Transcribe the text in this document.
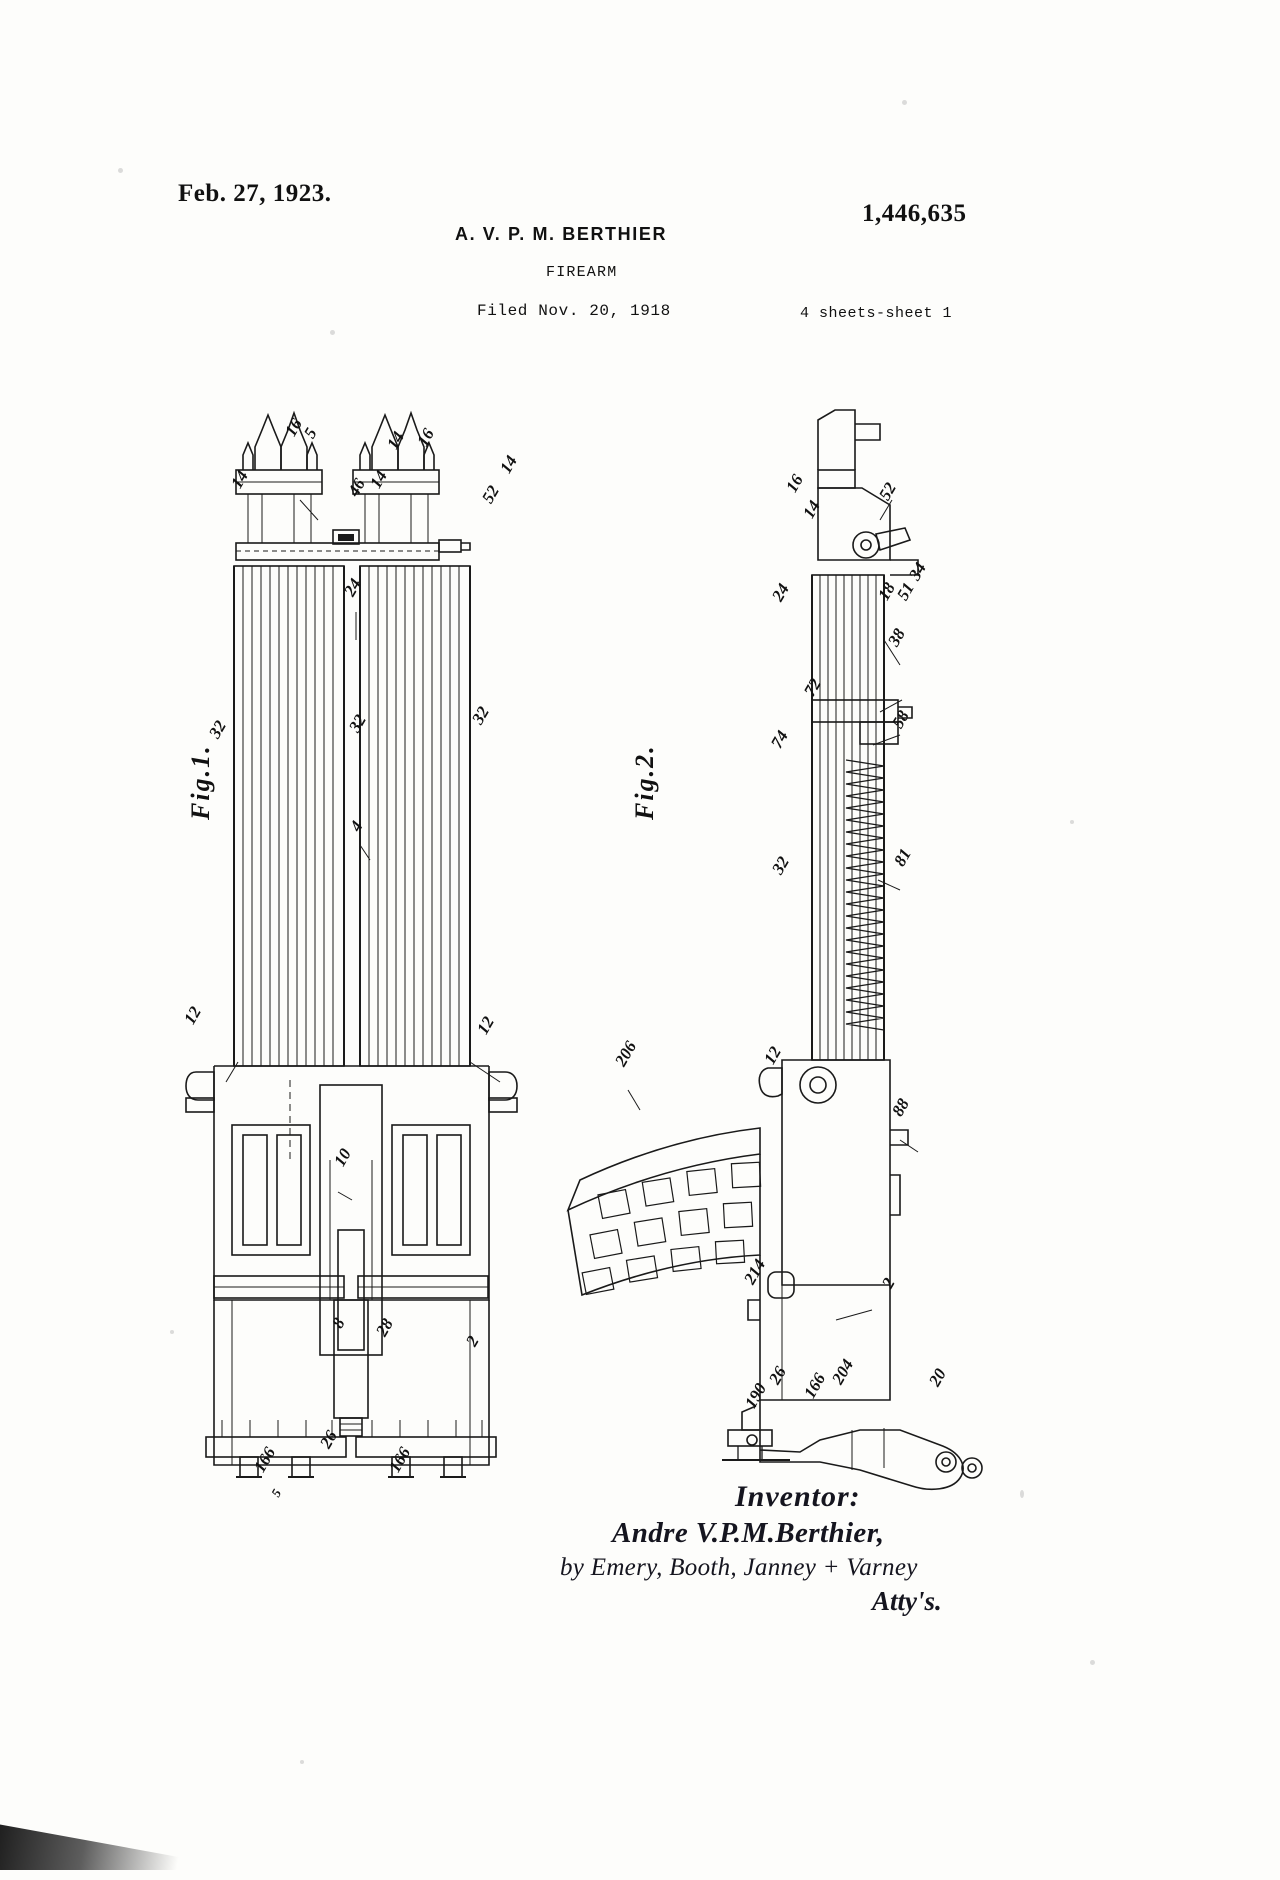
Feb. 27, 1923.
1,446,635
A. V. P. M. BERTHIER
FIREARM
Filed Nov. 20, 1918	4 sheets-sheet 1
Fig.1.	Fig.2.
16
5	14 16
14
52
14
14
46
24
32	32	32
4
12	12
10
8 28
2
166
26
166
5
16	52
24
14
18
51
34
38
72
58
74
32	81
12
206
88
214	2
190
26 166
204	20
Inventor:
Andre V.P.M.Berthier,
by Emery, Booth, Janney + Varney
Atty's.
